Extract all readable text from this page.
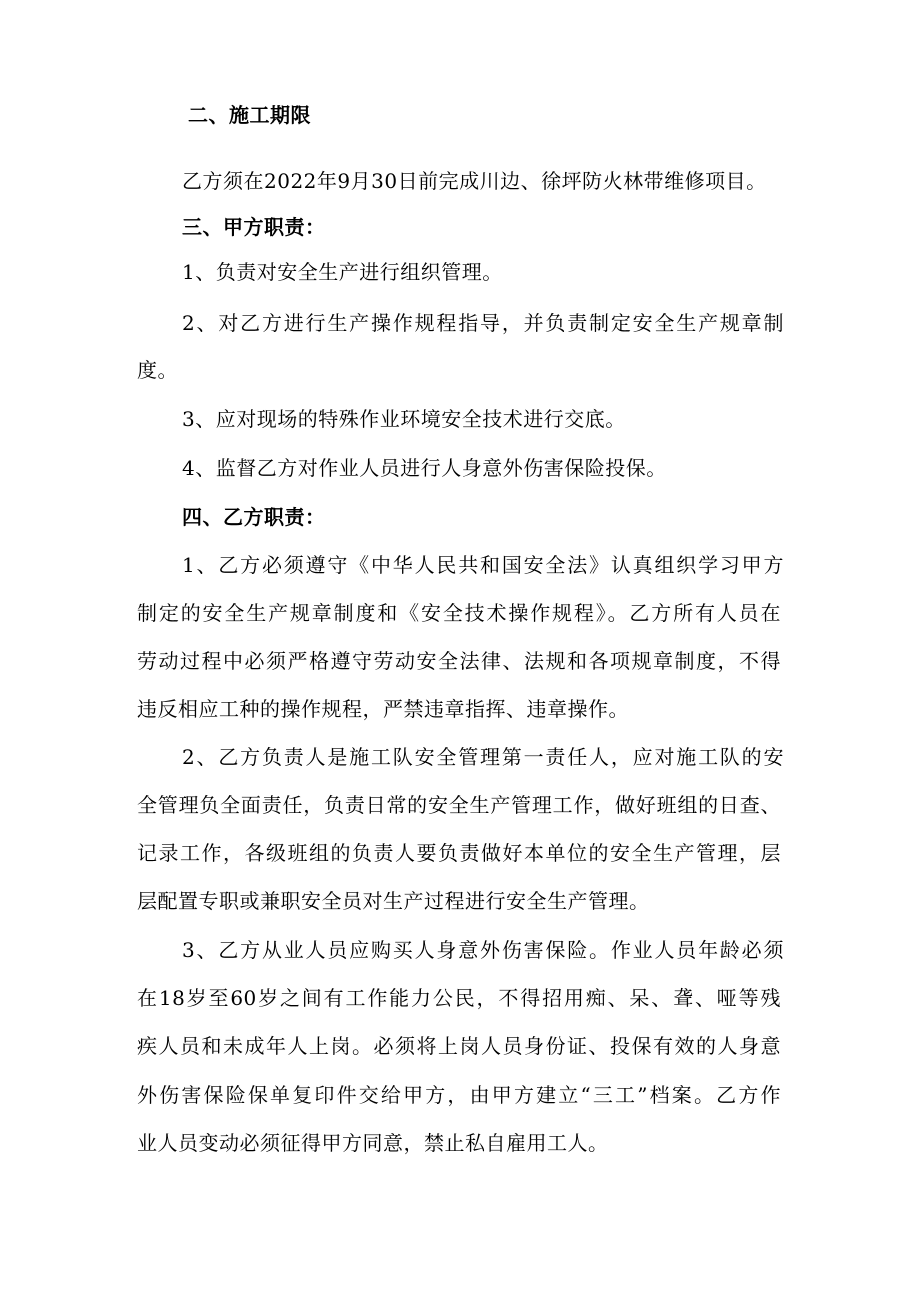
二、施工期限
乙方须在2022年9月30日前完成川边、徐坪防火林带维修项目。
三、甲方职责：
1、负责对安全生产进行组织管理。
2、对乙方进行生产操作规程指导，并负责制定安全生产规章制
度。
3、应对现场的特殊作业环境安全技术进行交底。
4、监督乙方对作业人员进行人身意外伤害保险投保。
四、乙方职责：
1、乙方必须遵守《中华人民共和国安全法》认真组织学习甲方
制定的安全生产规章制度和《安全技术操作规程》。乙方所有人员在
劳动过程中必须严格遵守劳动安全法律、法规和各项规章制度，不得
违反相应工种的操作规程，严禁违章指挥、违章操作。
2、乙方负责人是施工队安全管理第一责任人，应对施工队的安
全管理负全面责任，负责日常的安全生产管理工作，做好班组的日查、
记录工作，各级班组的负责人要负责做好本单位的安全生产管理，层
层配置专职或兼职安全员对生产过程进行安全生产管理。
3、乙方从业人员应购买人身意外伤害保险。作业人员年龄必须
在18岁至60岁之间有工作能力公民，不得招用痴、呆、聋、哑等残
疾人员和未成年人上岗。必须将上岗人员身份证、投保有效的人身意
外伤害保险保单复印件交给甲方，由甲方建立“三工”档案。乙方作
业人员变动必须征得甲方同意，禁止私自雇用工人。
